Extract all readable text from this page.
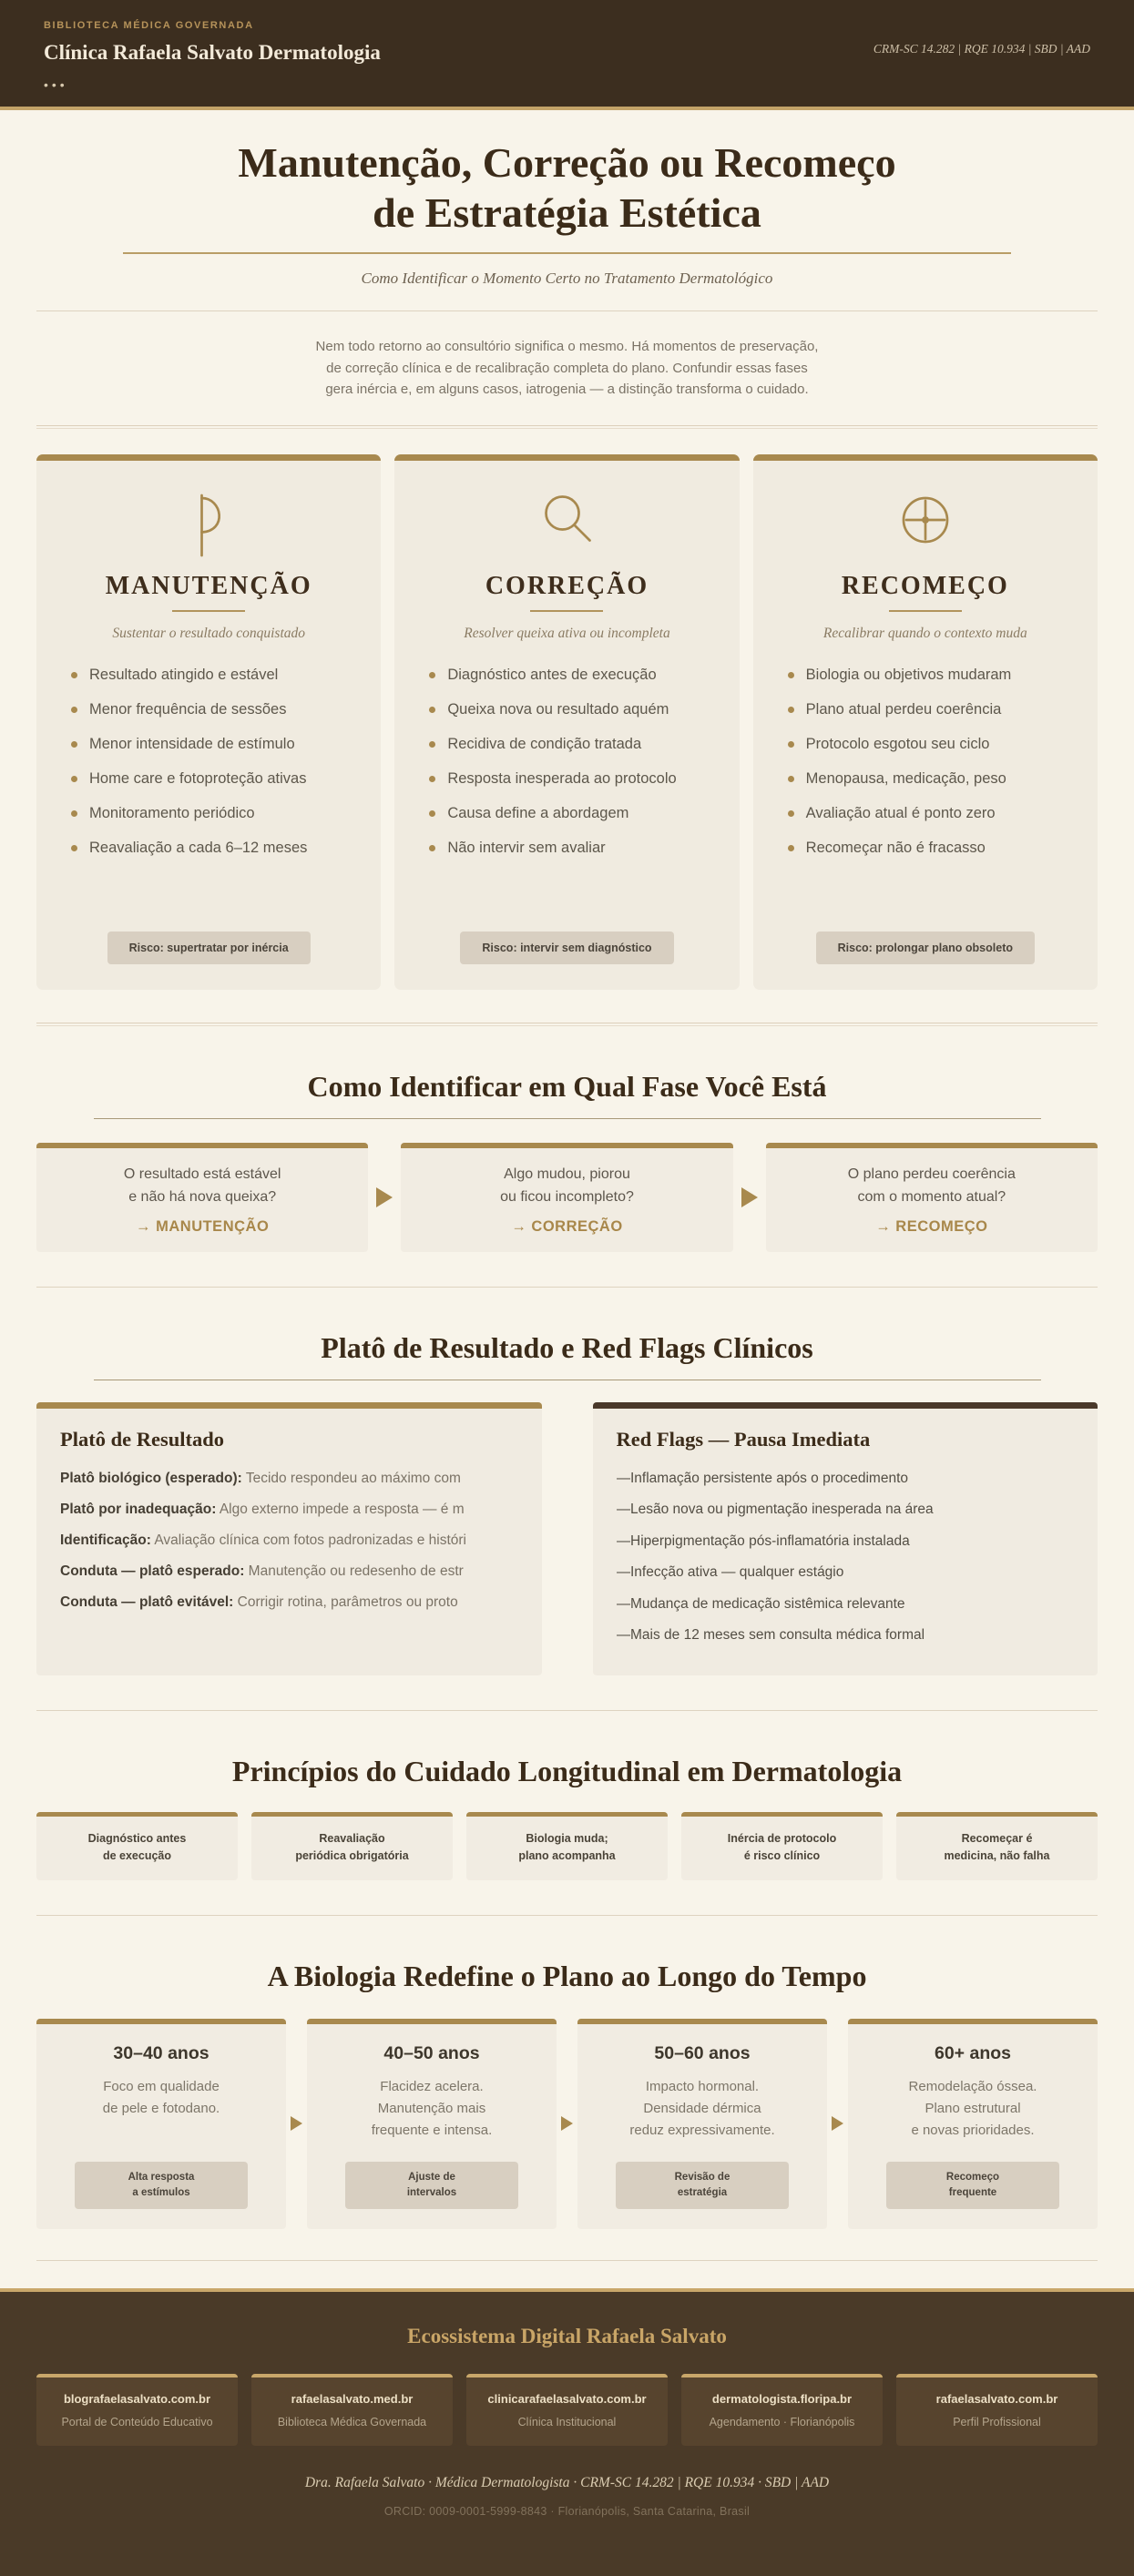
BIBLIOTECA MÉDICA GOVERNADA
Clínica Rafaela Salvato Dermatologia	CRM-SC 14.282 | RQE 10.934 | SBD | AAD
•••
Manutenção, Correção ou Recomeço
de Estratégia Estética
Como Identificar o Momento Certo no Tratamento Dermatológico
Nem todo retorno ao consultório significa o mesmo. Há momentos de preservação,
de correção clínica e de recalibração completa do plano. Confundir essas fases
gera inércia e, em alguns casos, iatrogenia — a distinção transforma o cuidado.
MANUTENÇÃO
Sustentar o resultado conquistado
Resultado atingido e estável
Menor frequência de sessões
Menor intensidade de estímulo
Home care e fotoproteção ativas
Monitoramento periódico
Reavaliação a cada 6–12 meses
Risco: supertratar por inércia
CORREÇÃO
Resolver queixa ativa ou incompleta
Diagnóstico antes de execução
Queixa nova ou resultado aquém
Recidiva de condição tratada
Resposta inesperada ao protocolo
Causa define a abordagem
Não intervir sem avaliar
Risco: intervir sem diagnóstico
RECOMEÇO
Recalibrar quando o contexto muda
Biologia ou objetivos mudaram
Plano atual perdeu coerência
Protocolo esgotou seu ciclo
Menopausa, medicação, peso
Avaliação atual é ponto zero
Recomeçar não é fracasso
Risco: prolongar plano obsoleto
Como Identificar em Qual Fase Você Está
O resultado está estável
e não há nova queixa?
→ MANUTENÇÃO
Algo mudou, piorou
ou ficou incompleto?
→ CORREÇÃO
O plano perdeu coerência
com o momento atual?
→ RECOMEÇO
Platô de Resultado e Red Flags Clínicos
Platô de Resultado
Platô biológico (esperado): Tecido respondeu ao máximo com
Platô por inadequação: Algo externo impede a resposta — é m
Identificação: Avaliação clínica com fotos padronizadas e históri
Conduta — platô esperado: Manutenção ou redesenho de estr
Conduta — platô evitável: Corrigir rotina, parâmetros ou proto
Red Flags — Pausa Imediata
—Inflamação persistente após o procedimento
—Lesão nova ou pigmentação inesperada na área
—Hiperpigmentação pós-inflamatória instalada
—Infecção ativa — qualquer estágio
—Mudança de medicação sistêmica relevante
—Mais de 12 meses sem consulta médica formal
Princípios do Cuidado Longitudinal em Dermatologia
Diagnóstico antes
de execução
Reavaliação
periódica obrigatória
Biologia muda;
plano acompanha
Inércia de protocolo
é risco clínico
Recomeçar é
medicina, não falha
A Biologia Redefine o Plano ao Longo do Tempo
30–40 anos
Foco em qualidade
de pele e fotodano.
Alta resposta
a estímulos
40–50 anos
Flacidez acelera.
Manutenção mais
frequente e intensa.
Ajuste de
intervalos
50–60 anos
Impacto hormonal.
Densidade dérmica
reduz expressivamente.
Revisão de
estratégia
60+ anos
Remodelação óssea.
Plano estrutural
e novas prioridades.
Recomeço
frequente
Ecossistema Digital Rafaela Salvato
blografaelasalvato.com.br
Portal de Conteúdo Educativo
rafaelasalvato.med.br
Biblioteca Médica Governada
clinicarafaelasalvato.com.br
Clínica Institucional
dermatologista.floripa.br
Agendamento · Florianópolis
rafaelasalvato.com.br
Perfil Profissional
Dra. Rafaela Salvato · Médica Dermatologista · CRM-SC 14.282 | RQE 10.934 · SBD | AAD
ORCID: 0009-0001-5999-8843 · Florianópolis, Santa Catarina, Brasil
